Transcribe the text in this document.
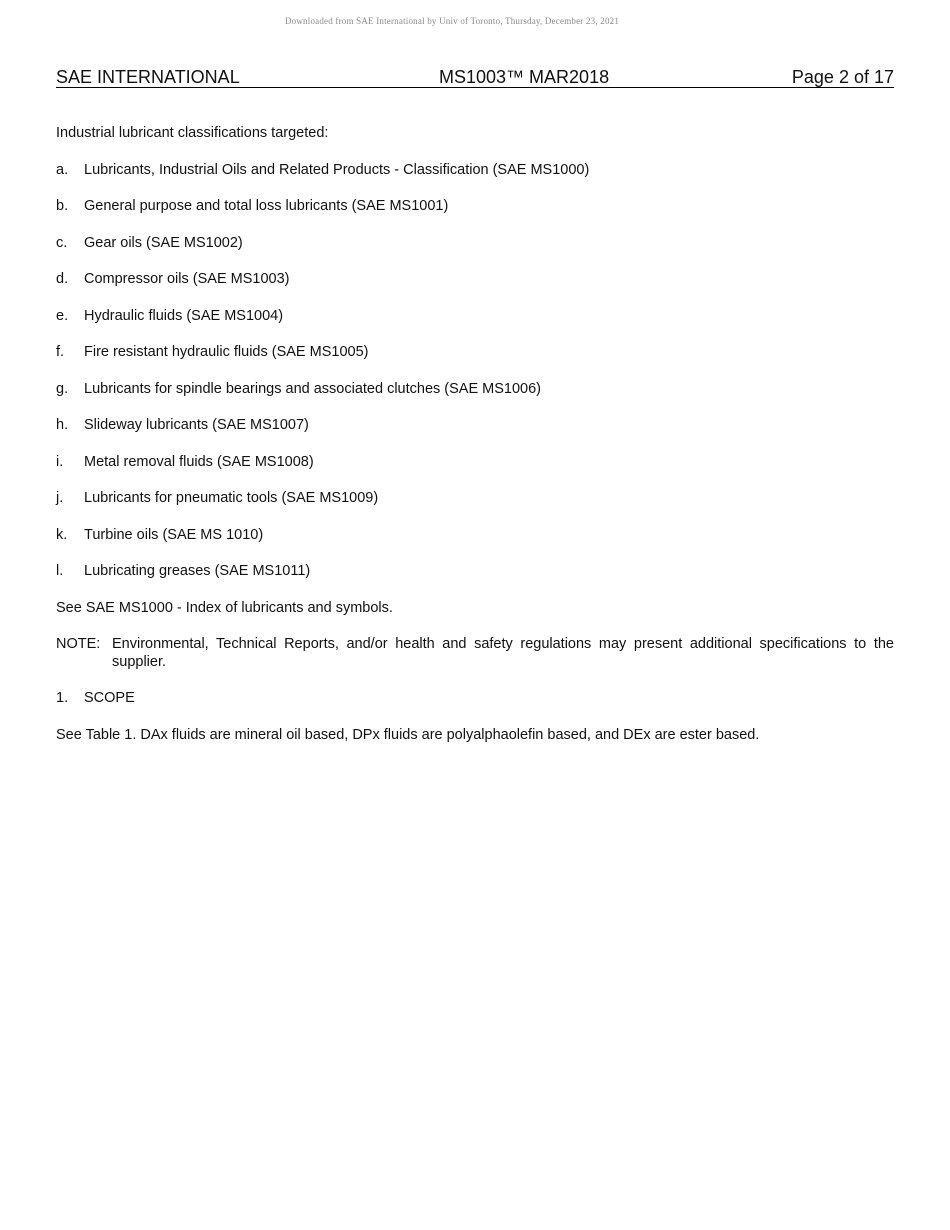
Downloaded from SAE International by Univ of Toronto, Thursday, December 23, 2021
SAE INTERNATIONAL	MS1003™ MAR2018	Page 2 of 17

Industrial lubricant classifications targeted:

a. Lubricants, Industrial Oils and Related Products - Classification (SAE MS1000)
b. General purpose and total loss lubricants (SAE MS1001)
c. Gear oils (SAE MS1002)
d. Compressor oils (SAE MS1003)
e. Hydraulic fluids (SAE MS1004)
f. Fire resistant hydraulic fluids (SAE MS1005)
g. Lubricants for spindle bearings and associated clutches (SAE MS1006)
h. Slideway lubricants (SAE MS1007)
i. Metal removal fluids (SAE MS1008)
j. Lubricants for pneumatic tools (SAE MS1009)
k. Turbine oils (SAE MS 1010)
l. Lubricating greases (SAE MS1011)
See SAE MS1000 - Index of lubricants and symbols.
NOTE: Environmental, Technical Reports, and/or health and safety regulations may present additional specifications to the supplier.
1. SCOPE
See Table 1. DAx fluids are mineral oil based, DPx fluids are polyalphaolefin based, and DEx are ester based.
